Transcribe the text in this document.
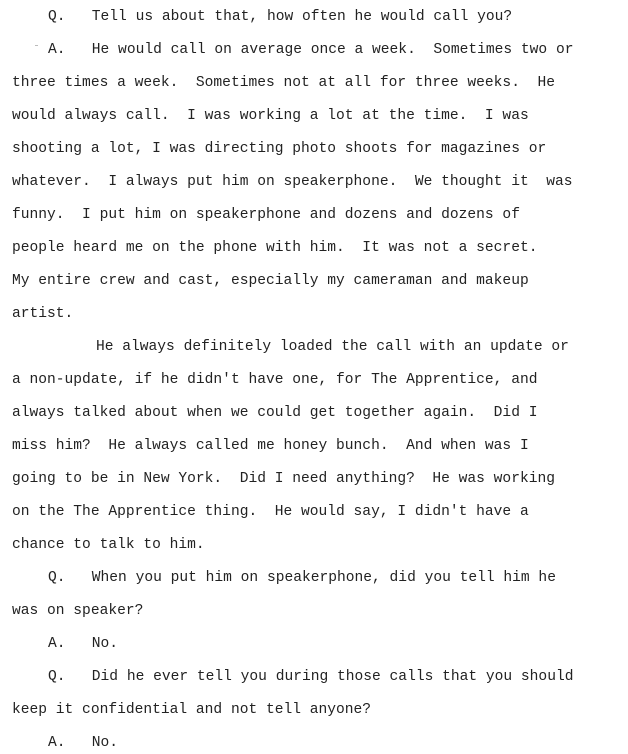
Q.   Tell us about that, how often he would call you?
A.   He would call on average once a week.  Sometimes two or
three times a week.  Sometimes not at all for three weeks.  He
would always call.  I was working a lot at the time.  I was
shooting a lot, I was directing photo shoots for magazines or
whatever.  I always put him on speakerphone.  We thought it  was
funny.  I put him on speakerphone and dozens and dozens of
people heard me on the phone with him.  It was not a secret.
My entire crew and cast, especially my cameraman and makeup
artist.
He always definitely loaded the call with an update or
a non-update, if he didn't have one, for The Apprentice, and
always talked about when we could get together again.  Did I
miss him?  He always called me honey bunch.  And when was I
going to be in New York.  Did I need anything?  He was working
on the The Apprentice thing.  He would say, I didn't have a
chance to talk to him.
Q.   When you put him on speakerphone, did you tell him he
was on speaker?
A.   No.
Q.   Did he ever tell you during those calls that you should
keep it confidential and not tell anyone?
A.   No.
